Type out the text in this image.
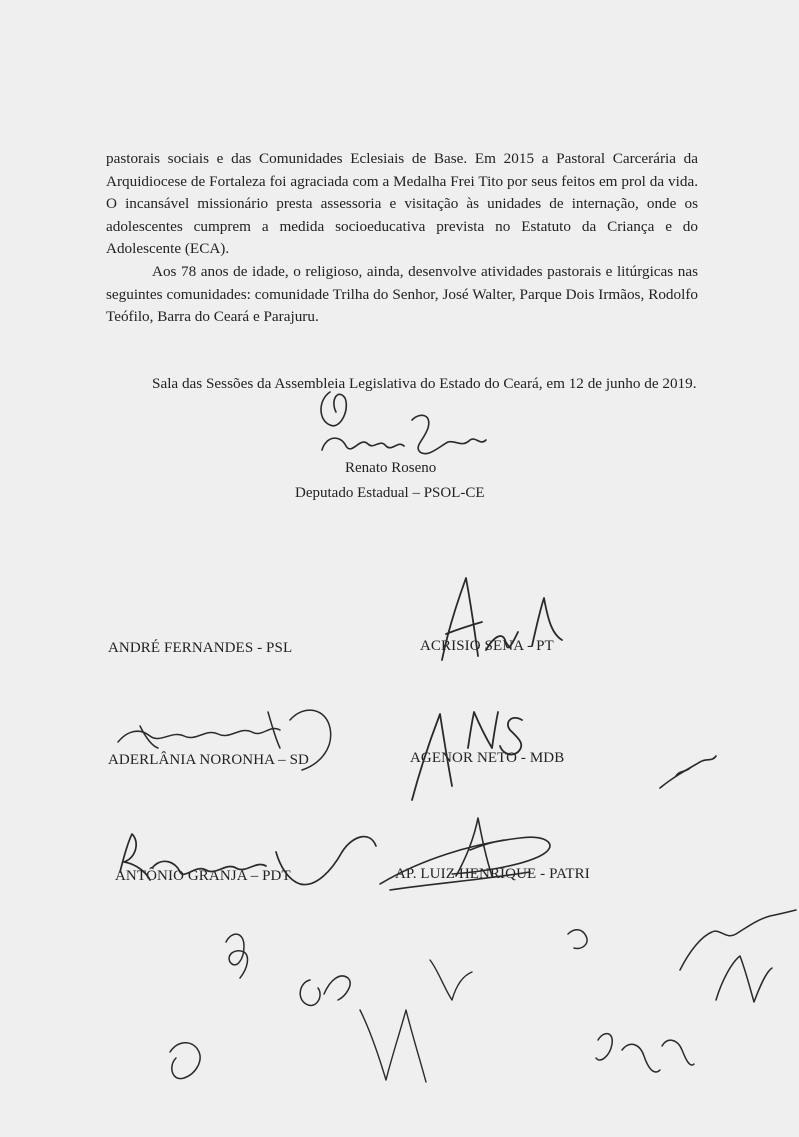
pastorais sociais e das Comunidades Eclesiais de Base. Em 2015 a Pastoral Carcerária da Arquidiocese de Fortaleza foi agraciada com a Medalha Frei Tito por seus feitos em prol da vida. O incansável missionário presta assessoria e visitação às unidades de internação, onde os adolescentes cumprem a medida socioeducativa prevista no Estatuto da Criança e do Adolescente (ECA).

Aos 78 anos de idade, o religioso, ainda, desenvolve atividades pastorais e litúrgicas nas seguintes comunidades: comunidade Trilha do Senhor, José Walter, Parque Dois Irmãos, Rodolfo Teófilo, Barra do Ceará e Parajuru.

Sala das Sessões da Assembleia Legislativa do Estado do Ceará, em 12 de junho de 2019.
Renato Roseno
Deputado Estadual – PSOL-CE
ANDRÉ FERNANDES - PSL	ACRISIO SENA - PT
ADERLÂNIA NORONHA – SD	AGENOR NETO - MDB
ANTÔNIO GRANJA – PDT	AP. LUIZ HENRIQUE - PATRI
